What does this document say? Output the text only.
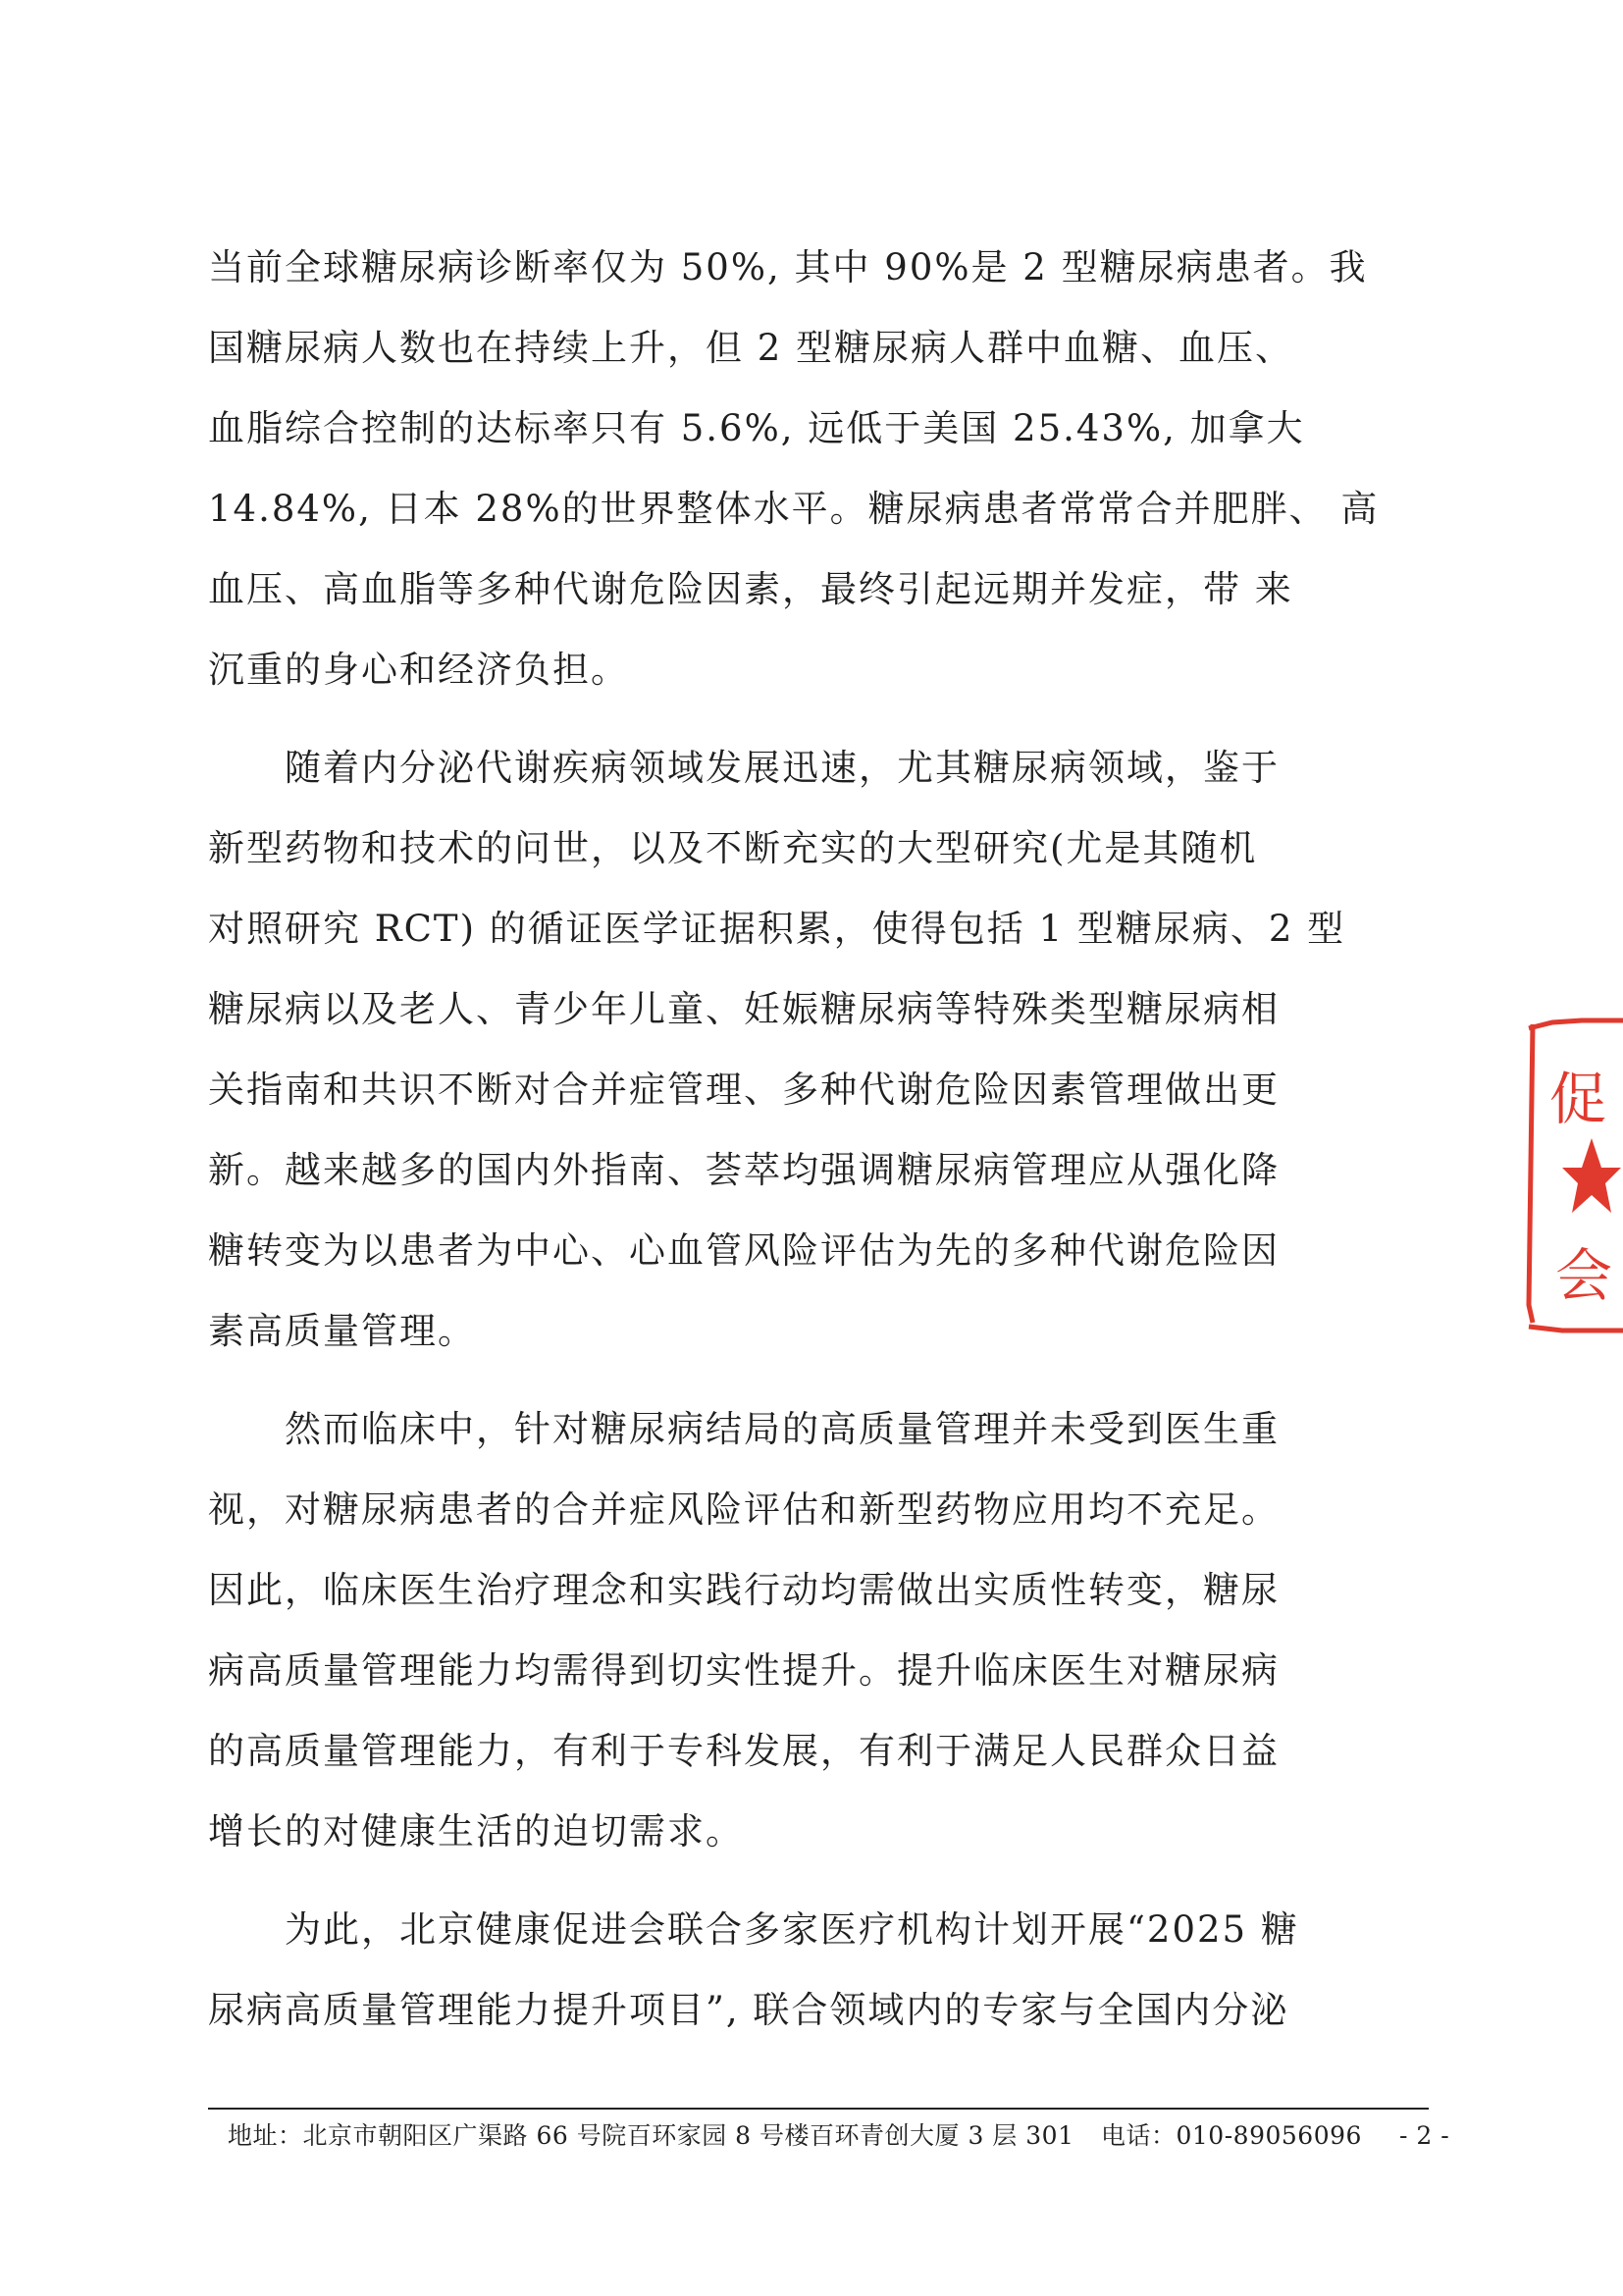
当前全球糖尿病诊断率仅为 50%, 其中 90%是 2 型糖尿病患者。我
国糖尿病人数也在持续上升，但 2 型糖尿病人群中血糖、血压、
血脂综合控制的达标率只有 5.6%, 远低于美国 25.43%, 加拿大
14.84%, 日本 28%的世界整体水平。糖尿病患者常常合并肥胖、 高
血压、高血脂等多种代谢危险因素，最终引起远期并发症，带 来
沉重的身心和经济负担。
随着内分泌代谢疾病领域发展迅速，尤其糖尿病领域，鉴于
新型药物和技术的问世，以及不断充实的大型研究(尤是其随机
对照研究 RCT) 的循证医学证据积累，使得包括 1 型糖尿病、2 型
糖尿病以及老人、青少年儿童、妊娠糖尿病等特殊类型糖尿病相
关指南和共识不断对合并症管理、多种代谢危险因素管理做出更
新。越来越多的国内外指南、荟萃均强调糖尿病管理应从强化降
糖转变为以患者为中心、心血管风险评估为先的多种代谢危险因
素高质量管理。
然而临床中，针对糖尿病结局的高质量管理并未受到医生重
视，对糖尿病患者的合并症风险评估和新型药物应用均不充足。
因此，临床医生治疗理念和实践行动均需做出实质性转变，糖尿
病高质量管理能力均需得到切实性提升。提升临床医生对糖尿病
的高质量管理能力，有利于专科发展，有利于满足人民群众日益
增长的对健康生活的迫切需求。
为此，北京健康促进会联合多家医疗机构计划开展“2025 糖
尿病高质量管理能力提升项目”, 联合领域内的专家与全国内分泌
促
会
地址：北京市朝阳区广渠路 66 号院百环家园 8 号楼百环青创大厦 3 层 301 电话：010-89056096 - 2 -
